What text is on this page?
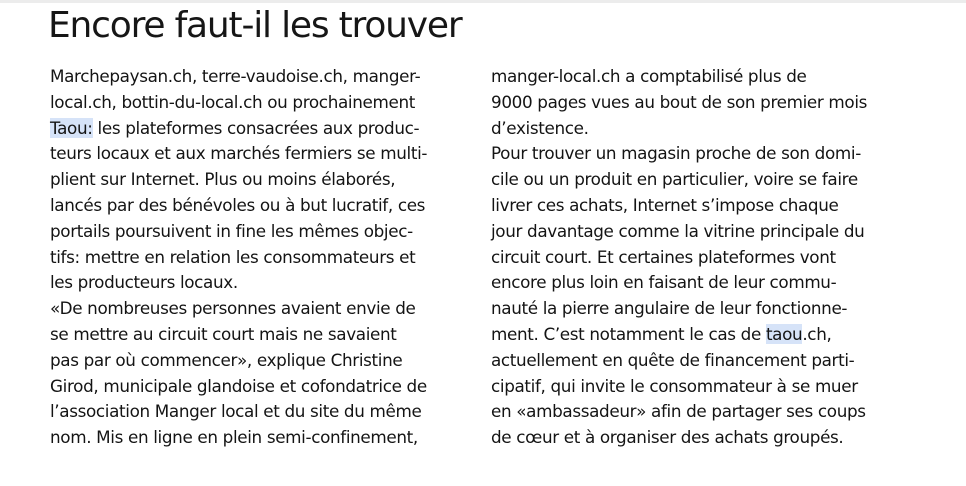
Encore faut-il les trouver
Marchepaysan.ch, terre-vaudoise.ch, manger-
local.ch, bottin-du-local.ch ou prochainement
Taou: les plateformes consacrées aux produc-
teurs locaux et aux marchés fermiers se multi-
plient sur Internet. Plus ou moins élaborés,
lancés par des bénévoles ou à but lucratif, ces
portails poursuivent in fine les mêmes objec-
tifs: mettre en relation les consommateurs et
les producteurs locaux.
«De nombreuses personnes avaient envie de
se mettre au circuit court mais ne savaient
pas par où commencer», explique Christine
Girod, municipale glandoise et cofondatrice de
l’association Manger local et du site du même
nom. Mis en ligne en plein semi-confinement,
manger-local.ch a comptabilisé plus de
9000 pages vues au bout de son premier mois
d’existence.
Pour trouver un magasin proche de son domi-
cile ou un produit en particulier, voire se faire
livrer ces achats, Internet s’impose chaque
jour davantage comme la vitrine principale du
circuit court. Et certaines plateformes vont
encore plus loin en faisant de leur commu-
nauté la pierre angulaire de leur fonctionne-
ment. C’est notamment le cas de taou.ch,
actuellement en quête de financement parti-
cipatif, qui invite le consommateur à se muer
en «ambassadeur» afin de partager ses coups
de cœur et à organiser des achats groupés.
